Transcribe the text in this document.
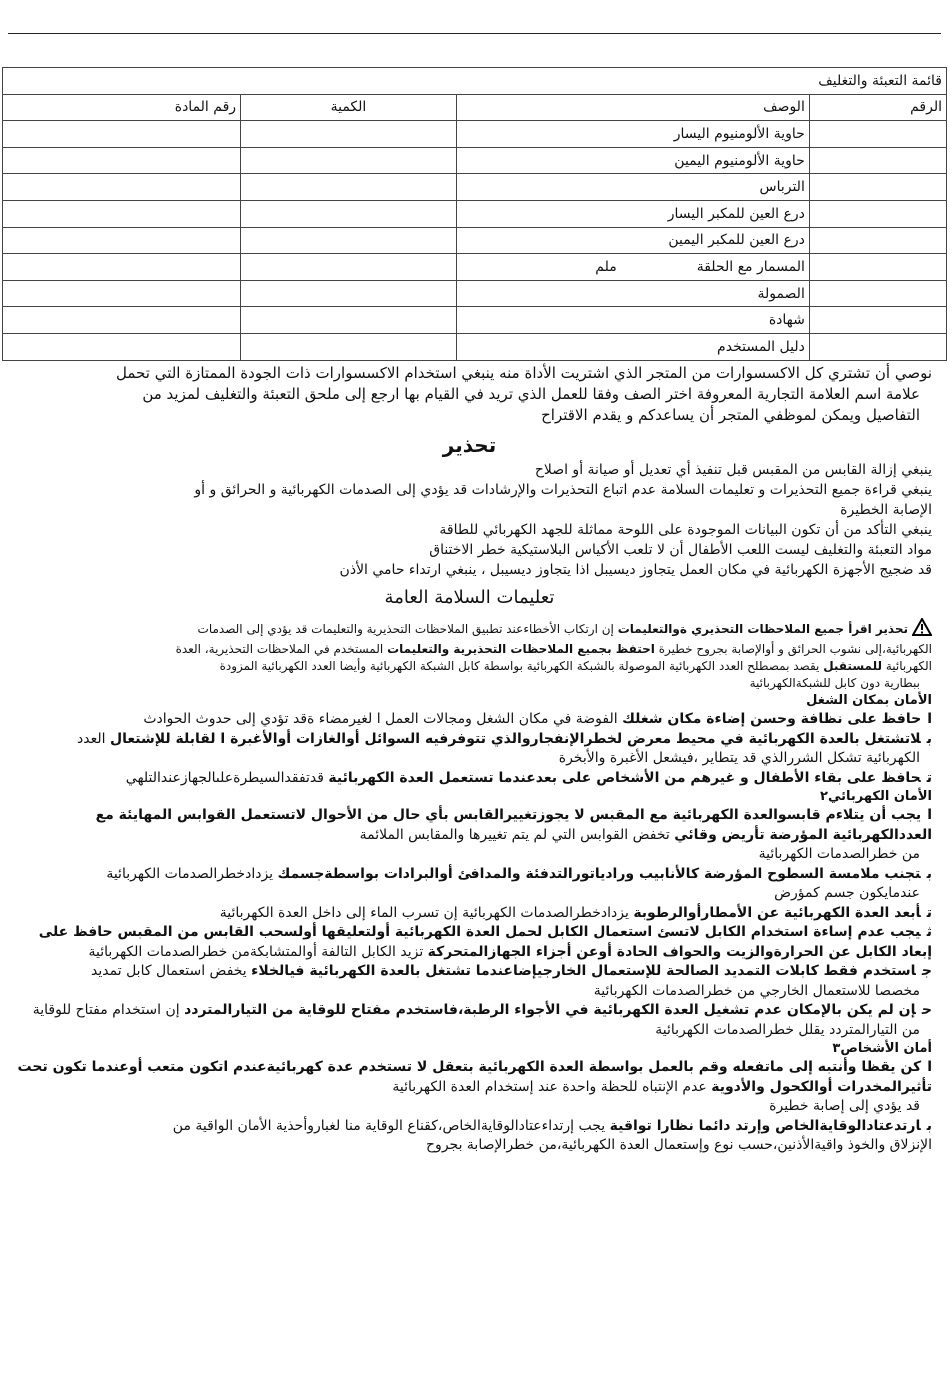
قائمة التعبئة والتغليف			
الرقم	الوصف	الكمية	رقم المادة
	حاوية الألومنيوم اليسار		
	حاوية الألومنيوم اليمين		
	الترباس		
	درع العين للمكبر اليسار		
	درع العين للمكبر اليمين		
	المسمار مع الحلقةملم		
	الصمولة		
	شهادة		
	دليل المستخدم		

نوصي أن تشتري كل الاكسسوارات من المتجر الذي اشتريت الأداة منه ينبغي استخدام الاكسسوارات ذات الجودة الممتازة التي تحمل

علامة اسم العلامة التجارية المعروفة اختر الصف وفقا للعمل الذي تريد في القيام بها ارجع إلى ملحق التعبئة والتغليف لمزيد من

التفاصيل ويمكن لموظفي المتجر أن يساعدكم و يقدم الاقتراح

تحذير

ينبغي إزالة القابس من المقبس قبل تنفيذ أي تعديل أو صيانة أو اصلاح

ينبغي قراءة جميع التحذيرات و تعليمات السلامة عدم اتباع التحذيرات والإرشادات قد يؤدي إلى الصدمات الكهربائية و الحرائق و أو

الإصابة الخطيرة

ينبغي التأكد من أن تكون البيانات الموجودة على اللوحة مماثلة للجهد الكهربائي للطاقة

مواد التعبئة والتغليف ليست اللعب الأطفال أن لا تلعب الأكياس البلاستيكية خطر الاختناق

قد ضجيج الأجهزة الكهربائية في مكان العمل يتجاوز ديسيبل اذا يتجاوز ديسيبل ، ينبغي ارتداء حامي الأذن

تعليمات السلامة العامة

تحذير اقرأ جميع الملاحظات التحذيري ةوالتعليمات إن ارتكاب الأخطاءعند تطبيق الملاحظات التحذيرية والتعليمات قد يؤدي إلى الصدمات

الكهربائية،إلى نشوب الحرائق و أوالإصابة بجروح خطيرة احتفظ بجميع الملاحظات التحذيرية والتعليمات المستخدم في الملاحظات التحذيرية، العدة

الكهربائية للمستقبل يقصد بمصطلح العدد الكهربائية الموصولة بالشبكة الكهربائية بواسطة كابل الشبكة الكهربائية وأيضا العدد الكهربائية المزودة

ببطارية دون كابل للشبكةالكهربائية

الأمان بمكان الشغل

احافظ على نظافة وحسن إضاءة مكان شغلك الفوضة في مكان الشغل ومجالات العمل ا لغيرمضاء ةقد تؤدي إلى حدوث الحوادث

بلاتشتغل بالعدة الكهربائية في محيط معرض لخطرالإنفجاروالذي تتوفرفيه السوائل أوالغازات أوالأغبرة ا لقابلة للإشتعال العدد

الكهربائية تشكل الشررالذي قد يتطاير ،فيشعل الأغبرة والأبخرة

تحافظ على بقاء الأطفال و غيرهم من الأشخاص على بعدعندما تستعمل العدة الكهربائية قدتفقدالسيطرةعلىالجهازعندالتلهي

الأمان الكهربائي٢

ايجب أن يتلاءم قابسوالعدة الكهربائية مع المقبس لا يجوزتغييرالقابس بأي حال من الأحوال لاتستعمل القوابس المهايئة مع

العددالكهربائية المؤرضة تأريض وقائي تخفض القوابس التي لم يتم تغييرها والمقابس الملائمة

من خطرالصدمات الكهربائية

بتجنب ملامسة السطوح المؤرضة كالأنابيب ورادياتورالتدفئة والمدافئ أوالبرادات بواسطةجسمك يزدادخطرالصدمات الكهربائية

عندمايكون جسم كمؤرض

تأبعد العدة الكهربائية عن الأمطارأوالرطوبة يزدادخطرالصدمات الكهربائية إن تسرب الماء إلى داخل العدة الكهربائية

ثيجب عدم إساءة استخدام الكابل لاتسئ استعمال الكابل لحمل العدة الكهربائية أولتعليقها أولسحب القابس من المقبس حافظ على

إبعاد الكابل عن الحرارةوالزيت والحواف الحادة أوعن أجزاء الجهازالمتحركة تزيد الكابل التالفة أوالمتشابكةمن خطرالصدمات الكهربائية

جاستخدم فقط كابلات التمديد الصالحة للإستعمال الخارجيإضاعندما تشتغل بالعدة الكهربائية فيالخلاء يخفض استعمال كابل تمديد

مخصصا للاستعمال الخارجي من خطرالصدمات الكهربائية

حإن لم يكن بالإمكان عدم تشغيل العدة الكهربائية في الأجواء الرطبة،فاستخدم مفتاح للوقاية من التيارالمتردد إن استخدام مفتاح للوقاية

من التيارالمتردد يقلل خطرالصدمات الكهربائية

أمان الأشخاص٣

اكن يقظا وأنتبه إلى ماتفعله وقم بالعمل بواسطة العدة الكهربائية بتعقل لا تستخدم عدة كهربائيةعندم اتكون متعب أوعندما تكون تحت

تأثيرالمخدرات أوالكحول والأدوية عدم الإنتباه للحظة واحدة عند إستخدام العدة الكهربائية

قد يؤدي إلى إصابة خطيرة

بارتدعتادالوقايةالخاص وإرتد دائما نظارا تواقية يجب إرتداءعتادالوقايةالخاص،كقناع الوقاية منا لغباروأحذية الأمان الواقية من

الإنزلاق والخوذ واقيةالأذنين،حسب نوع وإستعمال العدة الكهربائية،من خطرالإصابة بجروح
